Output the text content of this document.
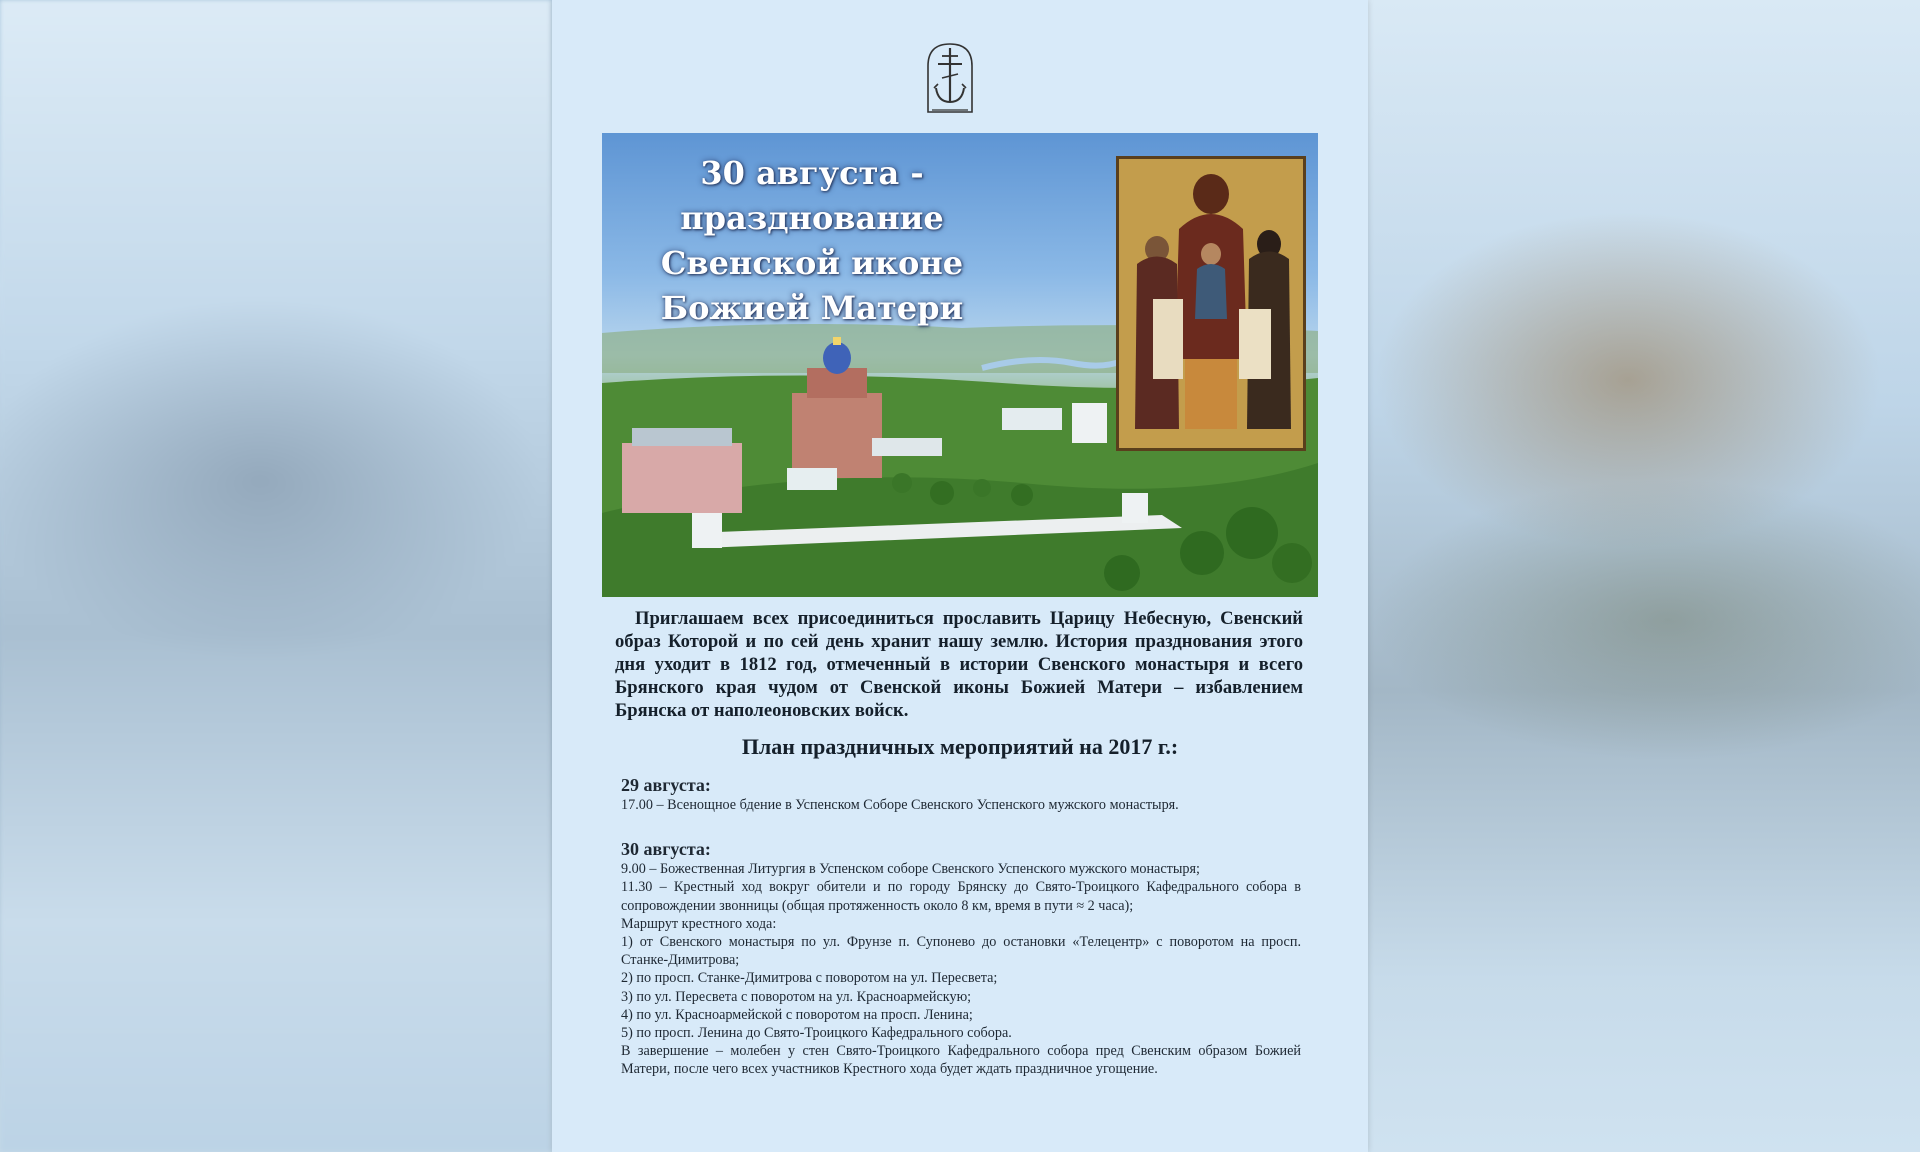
30 августа -
празднование
Свенской иконе
Божией Матери
Приглашаем всех присоединиться прославить Царицу Небесную, Свенский образ Которой и по сей день хранит нашу землю. История празднования этого дня уходит в 1812 год, отмеченный в истории Свенского монастыря и всего Брянского края чудом от Свенской иконы Божией Матери – избавлением Брянска от наполеоновских войск.
План праздничных мероприятий на 2017 г.:
29 августа:
17.00 – Всенощное бдение в Успенском Соборе Свенского Успенского мужского монастыря.
30 августа:
9.00 – Божественная Литургия в Успенском соборе Свенского Успенского мужского монастыря;
11.30 – Крестный ход вокруг обители и по городу Брянску до Свято-Троицкого Кафедрального собора в сопровождении звонницы (общая протяженность около 8 км, время в пути ≈ 2 часа);
Маршрут крестного хода:
1) от Свенского монастыря по ул. Фрунзе п. Супонево до остановки «Телецентр» с поворотом на просп. Станке-Димитрова;
2) по просп. Станке-Димитрова с поворотом на ул. Пересвета;
3) по ул. Пересвета с поворотом на ул. Красноармейскую;
4) по ул. Красноармейской с поворотом на просп. Ленина;
5) по просп. Ленина до Свято-Троицкого Кафедрального собора.
В завершение – молебен у стен Свято-Троицкого Кафедрального собора пред Свенским образом Божией Матери, после чего всех участников Крестного хода будет ждать праздничное угощение.
